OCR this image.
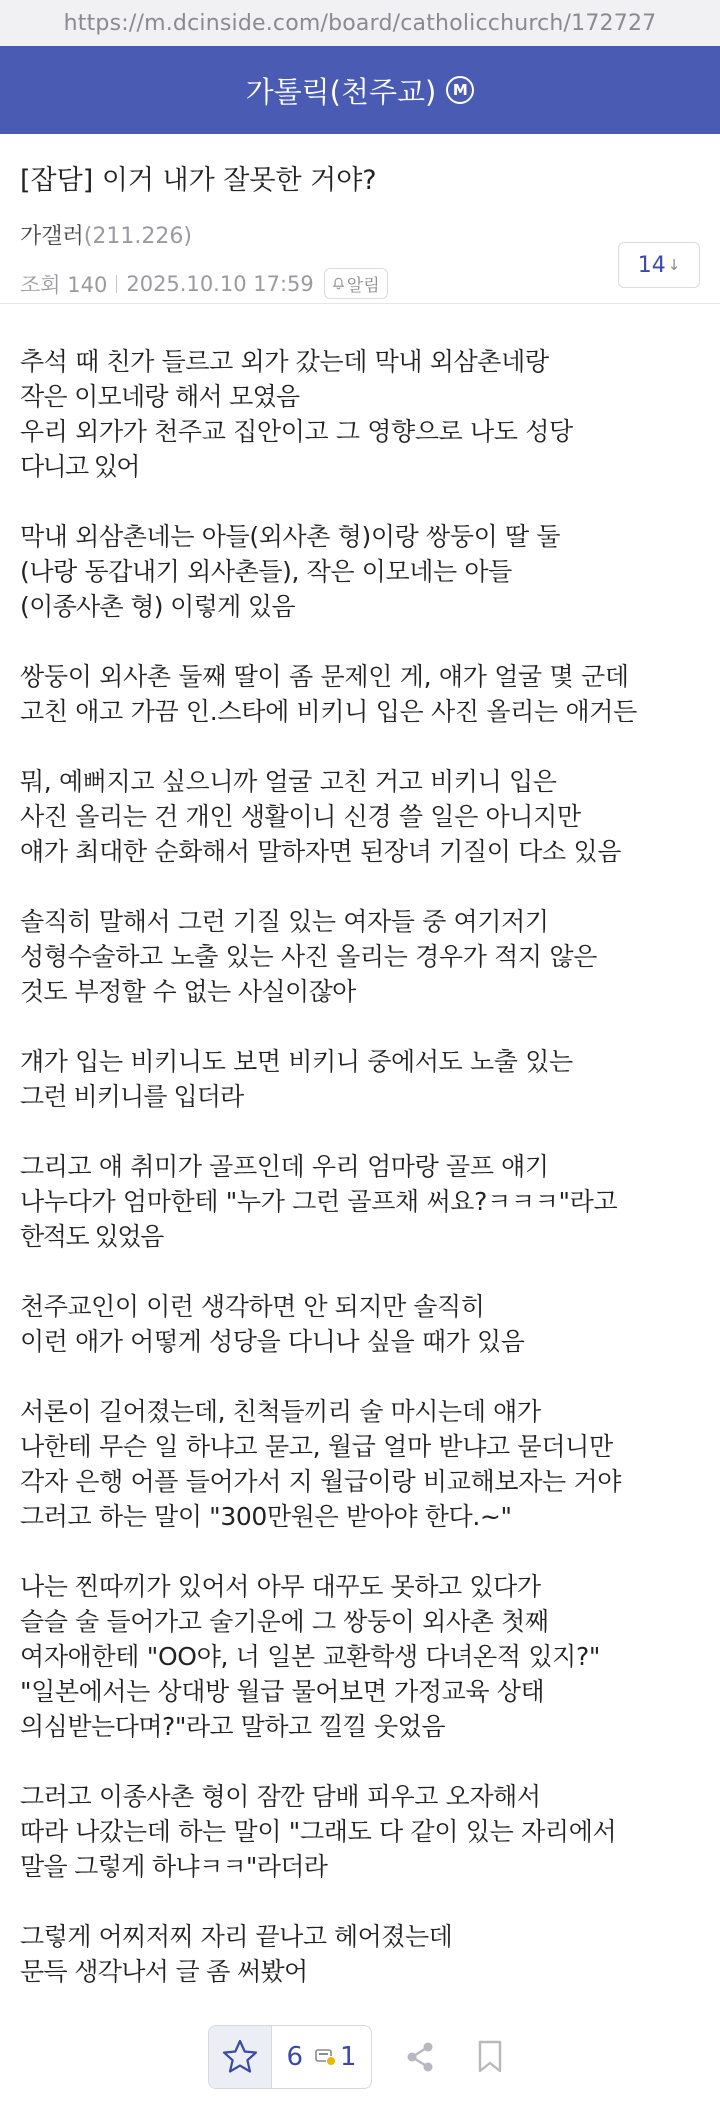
https://m.dcinside.com/board/catholicchurch/172727
가톨릭(천주교)	M
[잡담] 이거 내가 잘못한 거야?
가갤러(211.226)
조회 140 2025.10.10 17:59 알림
14 ↓
추석 때 친가 들르고 외가 갔는데 막내 외삼촌네랑
작은 이모네랑 해서 모였음
우리 외가가 천주교 집안이고 그 영향으로 나도 성당
다니고 있어
막내 외삼촌네는 아들(외사촌 형)이랑 쌍둥이 딸 둘
(나랑 동갑내기 외사촌들), 작은 이모네는 아들
(이종사촌 형) 이렇게 있음
쌍둥이 외사촌 둘째 딸이 좀 문제인 게, 얘가 얼굴 몇 군데
고친 애고 가끔 인.스타에 비키니 입은 사진 올리는 애거든
뭐, 예뻐지고 싶으니까 얼굴 고친 거고 비키니 입은
사진 올리는 건 개인 생활이니 신경 쓸 일은 아니지만
얘가 최대한 순화해서 말하자면 된장녀 기질이 다소 있음
솔직히 말해서 그런 기질 있는 여자들 중 여기저기
성형수술하고 노출 있는 사진 올리는 경우가 적지 않은
것도 부정할 수 없는 사실이잖아
걔가 입는 비키니도 보면 비키니 중에서도 노출 있는
그런 비키니를 입더라
그리고 얘 취미가 골프인데 우리 엄마랑 골프 얘기
나누다가 엄마한테 "누가 그런 골프채 써요?ㅋㅋㅋ"라고
한적도 있었음
천주교인이 이런 생각하면 안 되지만 솔직히
이런 애가 어떻게 성당을 다니나 싶을 때가 있음
서론이 길어졌는데, 친척들끼리 술 마시는데 얘가
나한테 무슨 일 하냐고 묻고, 월급 얼마 받냐고 묻더니만
각자 은행 어플 들어가서 지 월급이랑 비교해보자는 거야
그러고 하는 말이 "300만원은 받아야 한다.~"
나는 찐따끼가 있어서 아무 대꾸도 못하고 있다가
슬슬 술 들어가고 술기운에 그 쌍둥이 외사촌 첫째
여자애한테 "OO야, 너 일본 교환학생 다녀온적 있지?"
"일본에서는 상대방 월급 물어보면 가정교육 상태
의심받는다며?"라고 말하고 낄낄 웃었음
그러고 이종사촌 형이 잠깐 담배 피우고 오자해서
따라 나갔는데 하는 말이 "그래도 다 같이 있는 자리에서
말을 그렇게 하냐ㅋㅋ"라더라
그렇게 어찌저찌 자리 끝나고 헤어졌는데
문득 생각나서 글 좀 써봤어
6	1
